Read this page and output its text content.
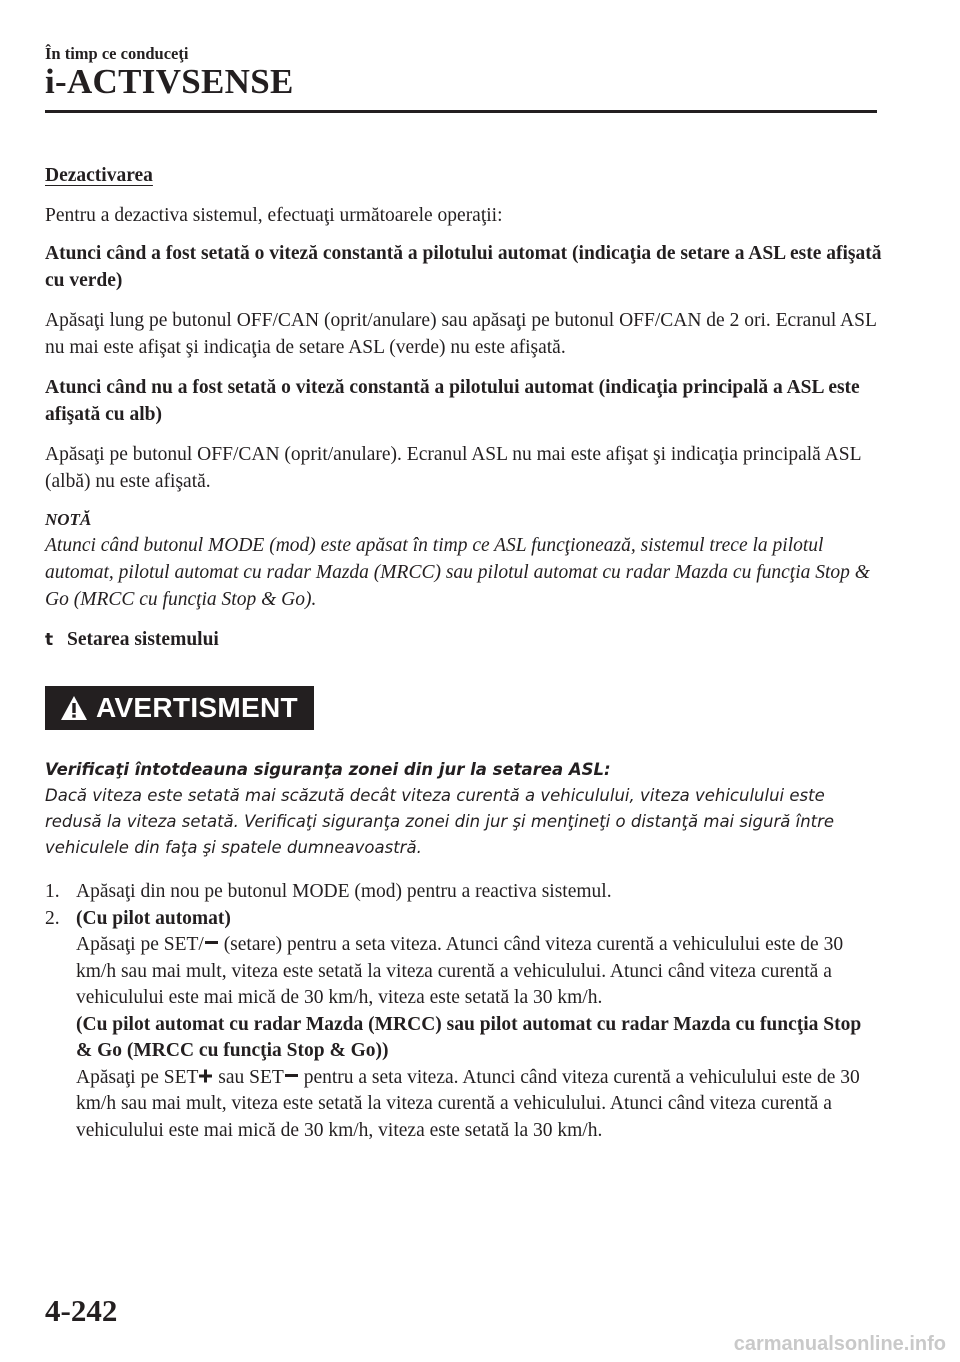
În timp ce conduceţi
i-ACTIVSENSE

Dezactivarea

Pentru a dezactiva sistemul, efectuaţi următoarele operaţii:

Atunci când a fost setată o viteză constantă a pilotului automat (indicaţia de setare a ASL este afişată cu verde)

Apăsaţi lung pe butonul OFF/CAN (oprit/anulare) sau apăsaţi pe butonul OFF/CAN de 2 ori. Ecranul ASL nu mai este afişat şi indicaţia de setare ASL (verde) nu este afişată.

Atunci când nu a fost setată o viteză constantă a pilotului automat (indicaţia principală a ASL este afişată cu alb)

Apăsaţi pe butonul OFF/CAN (oprit/anulare). Ecranul ASL nu mai este afişat şi indicaţia principală ASL (albă) nu este afişată.

NOTĂ

Atunci când butonul MODE (mod) este apăsat în timp ce ASL funcţionează, sistemul trece la pilotul automat, pilotul automat cu radar Mazda (MRCC) sau pilotul automat cu radar Mazda cu funcţia Stop & Go (MRCC cu funcţia Stop & Go).

t Setarea sistemului
AVERTISMENT

Verificaţi întotdeauna siguranţa zonei din jur la setarea ASL:

Dacă viteza este setată mai scăzută decât viteza curentă a vehiculului, viteza vehiculului este redusă la viteza setată. Verificaţi siguranţa zonei din jur şi menţineţi o distanţă mai sigură între vehiculele din faţa şi spatele dumneavoastră.

1. Apăsaţi din nou pe butonul MODE (mod) pentru a reactiva sistemul.
2. (Cu pilot automat)
Apăsaţi pe SET/ (setare) pentru a seta viteza. Atunci când viteza curentă a vehiculului este de 30 km/h sau mai mult, viteza este setată la viteza curentă a vehiculului. Atunci când viteza curentă a vehiculului este mai mică de 30 km/h, viteza este setată la 30 km/h.
(Cu pilot automat cu radar Mazda (MRCC) sau pilot automat cu radar Mazda cu funcţia Stop & Go (MRCC cu funcţia Stop & Go))
Apăsaţi pe SET sau SET pentru a seta viteza. Atunci când viteza curentă a vehiculului este de 30 km/h sau mai mult, viteza este setată la viteza curentă a vehiculului. Atunci când viteza curentă a vehiculului este mai mică de 30 km/h, viteza este setată la 30 km/h.
4-242
carmanualsonline.info
